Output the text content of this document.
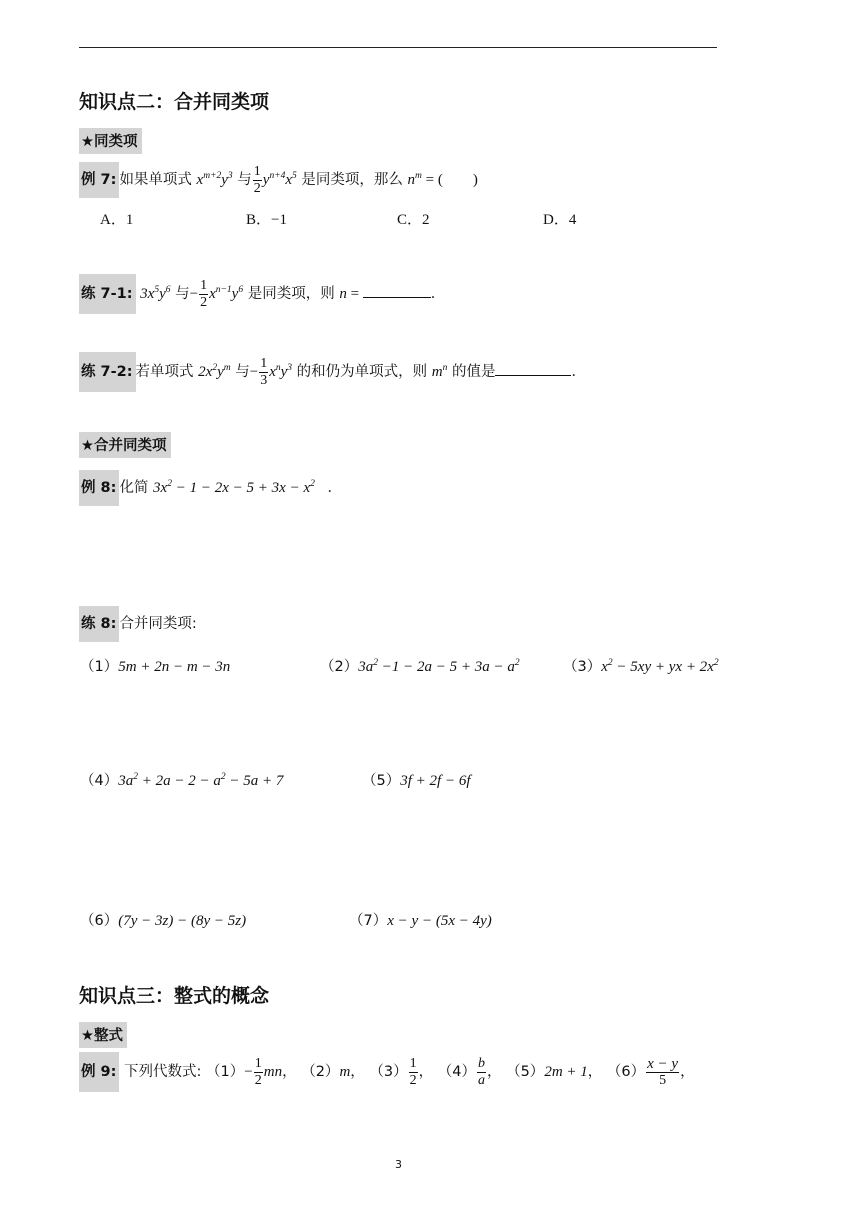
知识点二：合并同类项
★同类项
例 7: 如果单项式 $x^{m+2}y^3$ 与 $\frac{1}{2} y^{n+4}x^5$ 是同类项，那么 $n^m$ = (　　)
A．1	B．−1	C．2	D．4
练 7-1: $3x^5y^6$ 与− $\frac{1}{2} x^{n-1}y^6$ 是同类项，则 n =	．
练 7-2: 若单项式 $2x^2y^m$ 与− $\frac{1}{3} x^ny^3$ 的和仍为单项式，则 $m^n$ 的值是	．
★合并同类项
例 8: 化简 $3x^2 - 1 - 2x - 5 + 3x - x^2$ ．
练 8: 合并同类项:
（1）5m + 2n − m − 3n	$(2)3a^2 -1 - 2a - 5 + 3a - a^2$	$(3)x^2 - 5xy$ + yx + $2x^2$
$(4)3a^2 + 2a - 2 - a^2 - 5a + 7$	（5）3f + 2f − 6f
（6）(7y − 3z) − (8y − 5z)	（7）x − y − (5x − 4y)
知识点三：整式的概念
★整式
例 9: 下列代数式: $(1)- \frac{1}{2}$ mn， （2）m， $(3) \frac{1}{2}$ ， $(4) \frac{b}{a}$ ， （5）2m + 1， $(6) \frac{x - y}{5}$ ，
3
